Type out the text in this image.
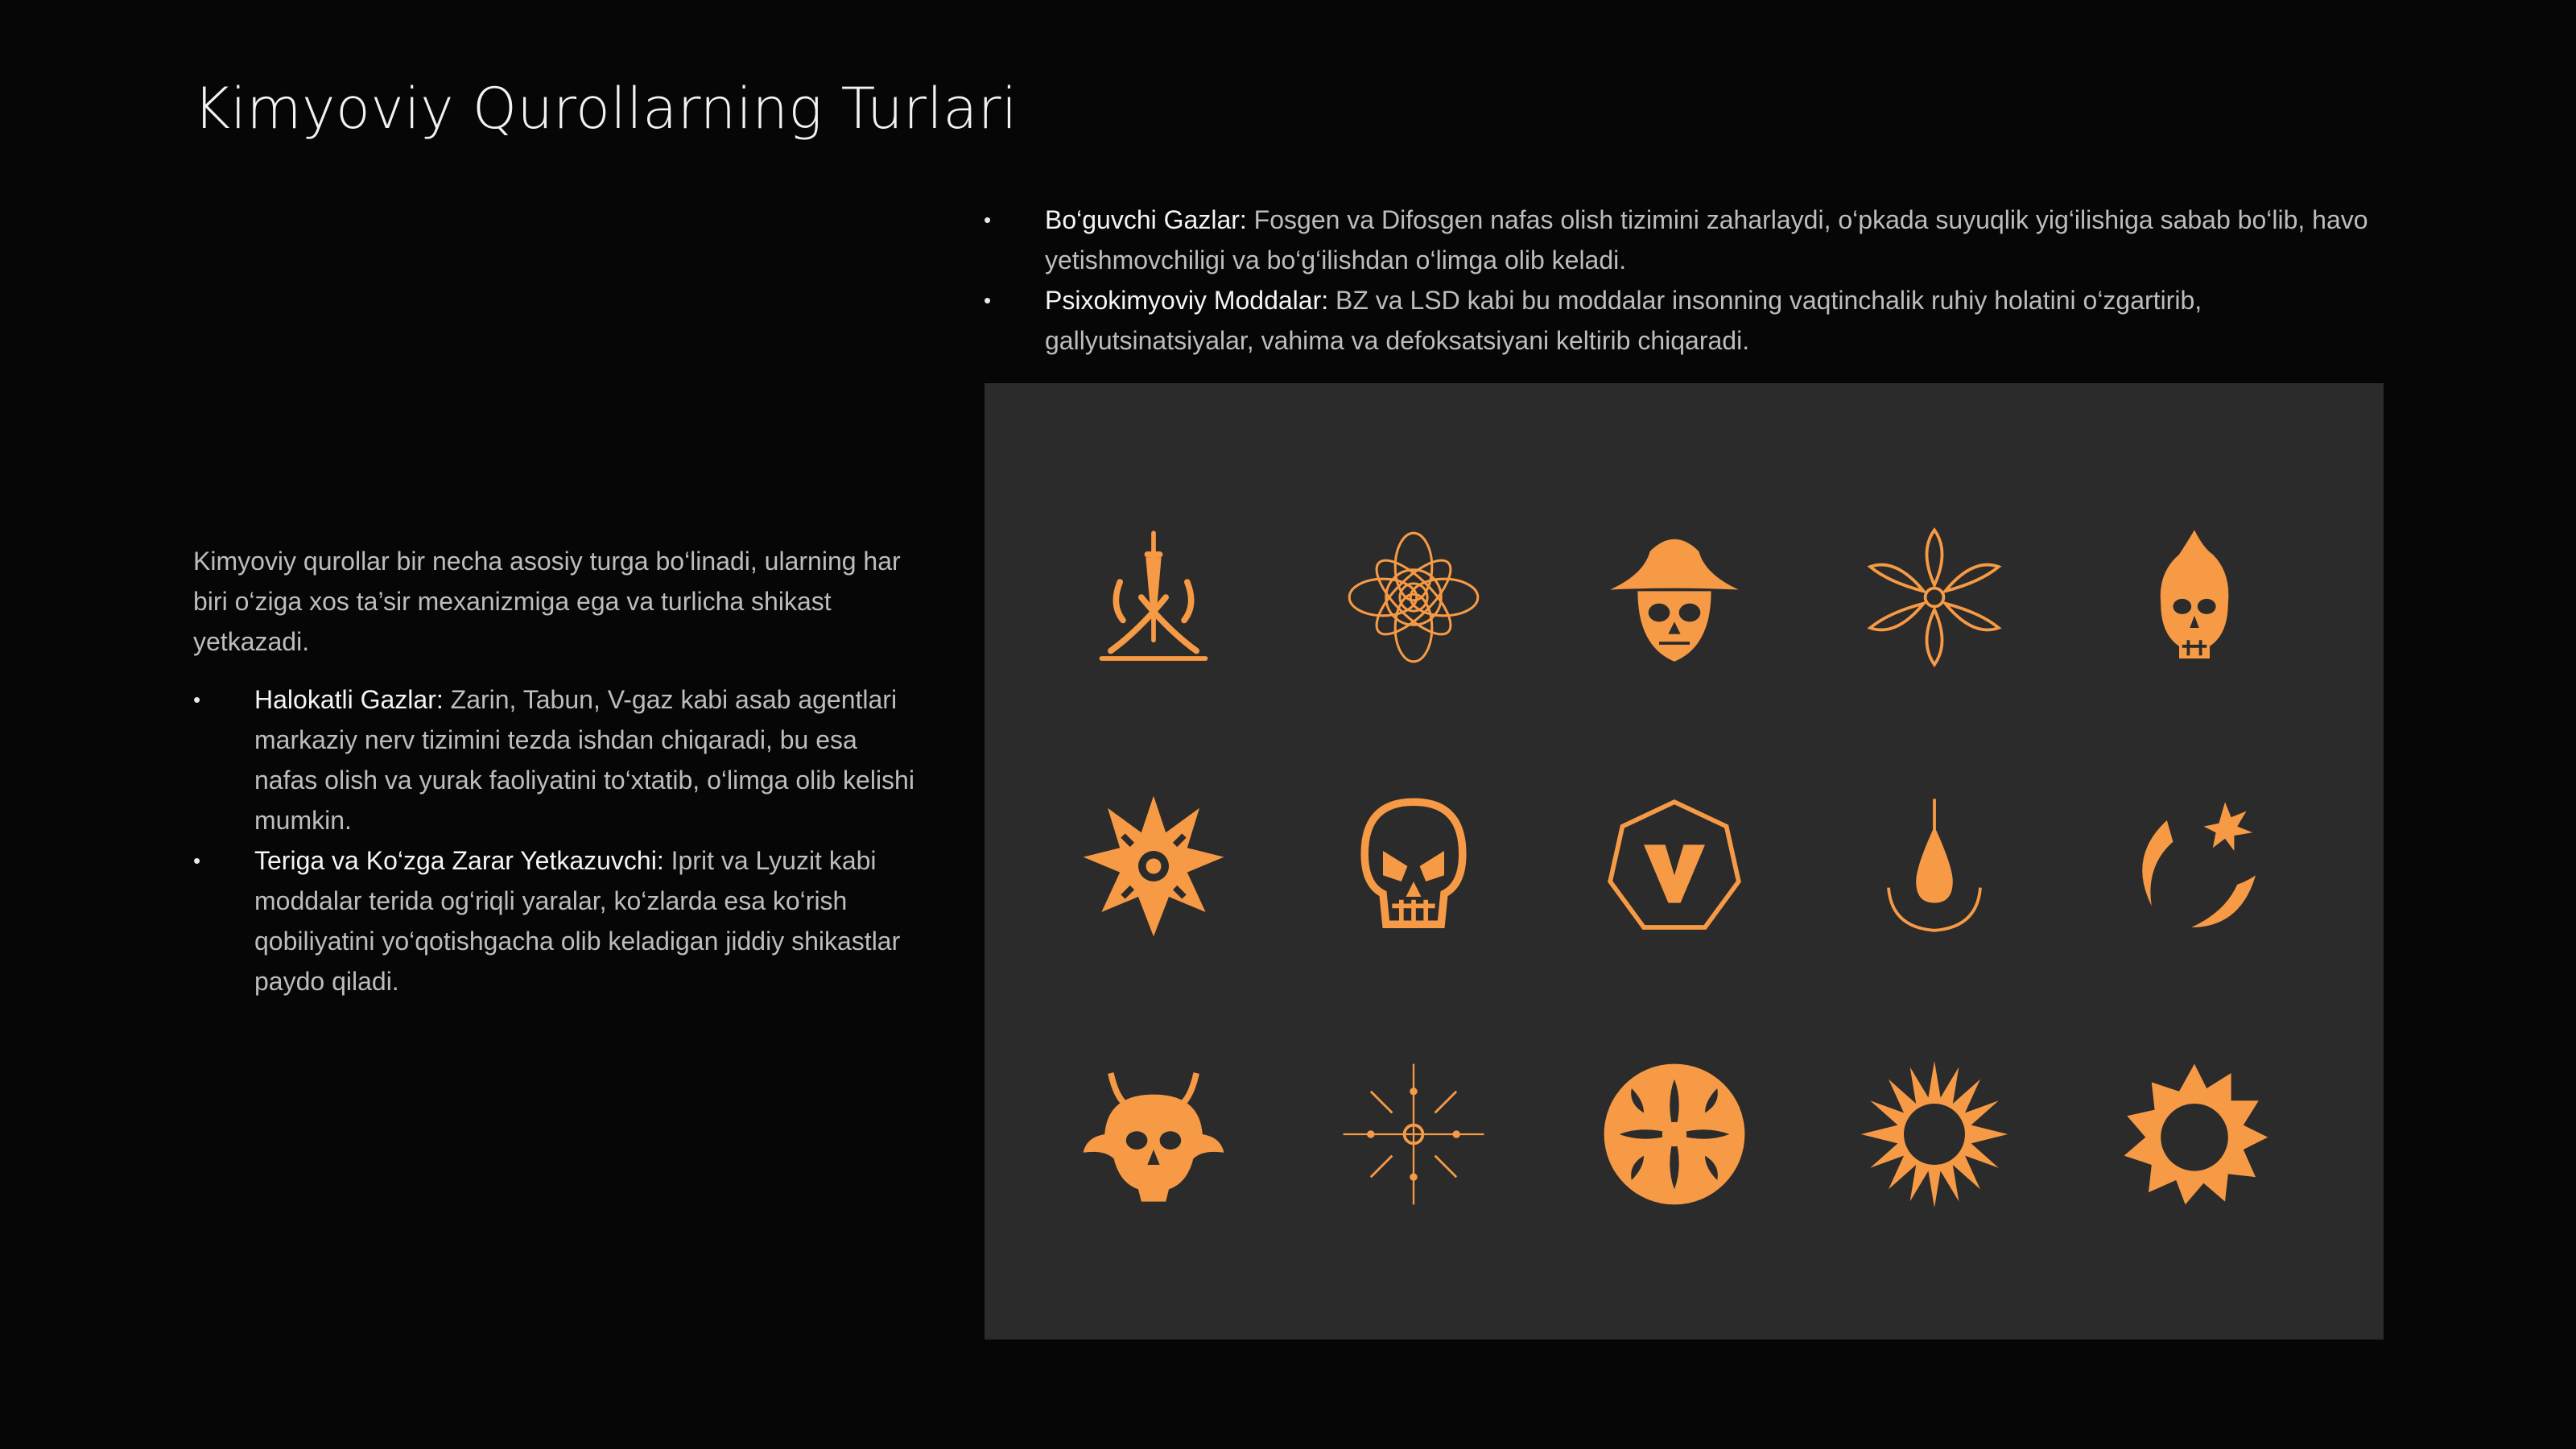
Kimyoviy Qurollarning Turlari
•	Bo‘guvchi Gazlar: Fosgen va Difosgen nafas olish tizimini zaharlaydi, o‘pkada suyuqlik yig‘ilishiga sabab bo‘lib, havo yetishmovchiligi va bo‘g‘ilishdan o‘limga olib keladi.
•	Psixokimyoviy Moddalar: BZ va LSD kabi bu moddalar insonning vaqtinchalik ruhiy holatini o‘zgartirib, gallyutsinatsiyalar, vahima va defoksatsiyani keltirib chiqaradi.

Kimyoviy qurollar bir necha asosiy turga bo‘linadi, ularning har biri o‘ziga xos ta’sir mexanizmiga ega va turlicha shikast yetkazadi.

•	Halokatli Gazlar: Zarin, Tabun, V-gaz kabi asab agentlari markaziy nerv tizimini tezda ishdan chiqaradi, bu esa nafas olish va yurak faoliyatini to‘xtatib, o‘limga olib kelishi mumkin.
•	Teriga va Ko‘zga Zarar Yetkazuvchi: Iprit va Lyuzit kabi moddalar terida og‘riqli yaralar, ko‘zlarda esa ko‘rish qobiliyatini yo‘qotishgacha olib keladigan jiddiy shikastlar paydo qiladi.
